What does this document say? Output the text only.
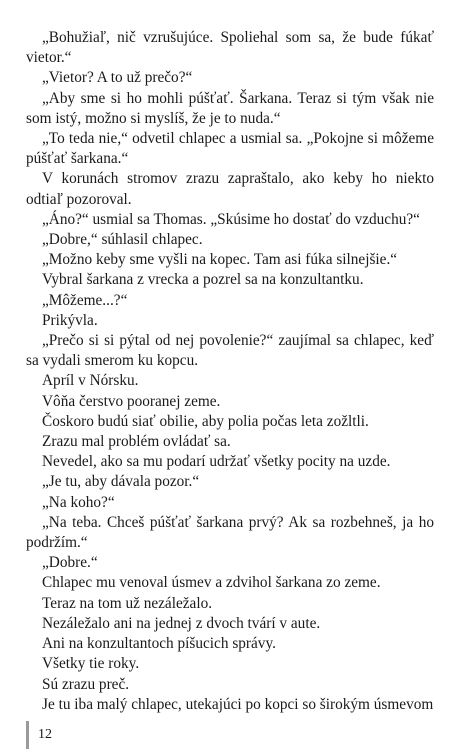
„Bohužiaľ, nič vzrušujúce. Spoliehal som sa, že bude fúkať vietor.“

„Vietor? A to už prečo?“

„Aby sme si ho mohli púšťať. Šarkana. Teraz si tým však nie som istý, možno si myslíš, že je to nuda.“

„To teda nie,“ odvetil chlapec a usmial sa. „Pokojne si môžeme púšťať šarkana.“

V korunách stromov zrazu zapraštalo, ako keby ho niekto odtiaľ pozoroval.

„Áno?“ usmial sa Thomas. „Skúsime ho dostať do vzduchu?“

„Dobre,“ súhlasil chlapec.

„Možno keby sme vyšli na kopec. Tam asi fúka silnejšie.“

Vybral šarkana z vrecka a pozrel sa na konzultantku.

„Môžeme...?“

Prikývla.

„Prečo si si pýtal od nej povolenie?“ zaujímal sa chlapec, keď sa vydali smerom ku kopcu.

Apríl v Nórsku.

Vôňa čerstvo pooranej zeme.

Čoskoro budú siať obilie, aby polia počas leta zožltli.

Zrazu mal problém ovládať sa.

Nevedel, ako sa mu podarí udržať všetky pocity na uzde.

„Je tu, aby dávala pozor.“

„Na koho?“

„Na teba. Chceš púšťať šarkana prvý? Ak sa rozbehneš, ja ho podržím.“

„Dobre.“

Chlapec mu venoval úsmev a zdvihol šarkana zo zeme.

Teraz na tom už nezáležalo.

Nezáležalo ani na jednej z dvoch tvárí v aute.

Ani na konzultantoch píšucich správy.

Všetky tie roky.

Sú zrazu preč.

Je tu iba malý chlapec, utekajúci po kopci so širokým úsmevom

12
